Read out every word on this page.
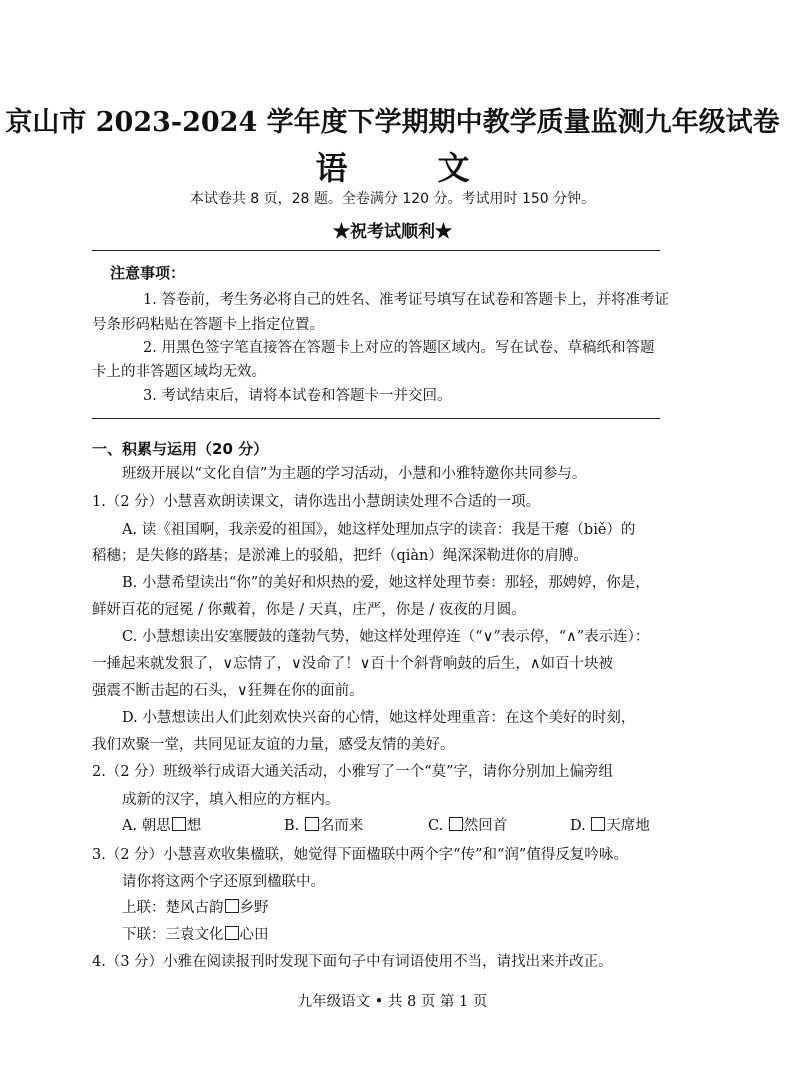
京山市 2023-2024 学年度下学期期中教学质量监测九年级试卷
语	文
本试卷共 8 页，28 题。全卷满分 120 分。考试用时 150 分钟。
★祝考试顺利★
注意事项：
1. 答卷前，考生务必将自己的姓名、准考证号填写在试卷和答题卡上，并将准考证
号条形码粘贴在答题卡上指定位置。
2. 用黑色签字笔直接答在答题卡上对应的答题区域内。写在试卷、草稿纸和答题
卡上的非答题区域均无效。
3. 考试结束后，请将本试卷和答题卡一并交回。
一、积累与运用（20 分）
班级开展以“文化自信”为主题的学习活动，小慧和小雅特邀你共同参与。
1.（2 分）小慧喜欢朗读课文，请你选出小慧朗读处理不合适的一项。
A. 读《祖国啊，我亲爱的祖国》，她这样处理加点字的读音：我是干瘪（biě）的
稻穗；是失修的路基；是淤滩上的驳船，把纤（qiàn）绳深深勒进你的肩膊。
B. 小慧希望读出“你”的美好和炽热的爱，她这样处理节奏：那轻，那娉婷，你是，
鲜妍百花的冠冕 / 你戴着，你是 / 天真，庄严，你是 / 夜夜的月圆。
C. 小慧想读出安塞腰鼓的蓬勃气势，她这样处理停连（“∨”表示停，“∧”表示连）：
一捶起来就发狠了，∨忘情了，∨没命了！∨百十个斜背响鼓的后生，∧如百十块被
强震不断击起的石头，∨狂舞在你的面前。
D. 小慧想读出人们此刻欢快兴奋的心情，她这样处理重音：在这个美好的时刻，
我们欢聚一堂，共同见证友谊的力量，感受友情的美好。
2.（2 分）班级举行成语大通关活动，小雅写了一个“莫”字，请你分别加上偏旁组
成新的汉字，填入相应的方框内。
A. 朝思 想	B. 名而来	C. 然回首	D. 天席地
3.（2 分）小慧喜欢收集楹联，她觉得下面楹联中两个字“传”和“润”值得反复吟咏。
请你将这两个字还原到楹联中。
上联：楚风古韵 乡野
下联：三袁文化 心田
4.（3 分）小雅在阅读报刊时发现下面句子中有词语使用不当，请找出来并改正。
九年级语文 • 共 8 页 第 1 页
